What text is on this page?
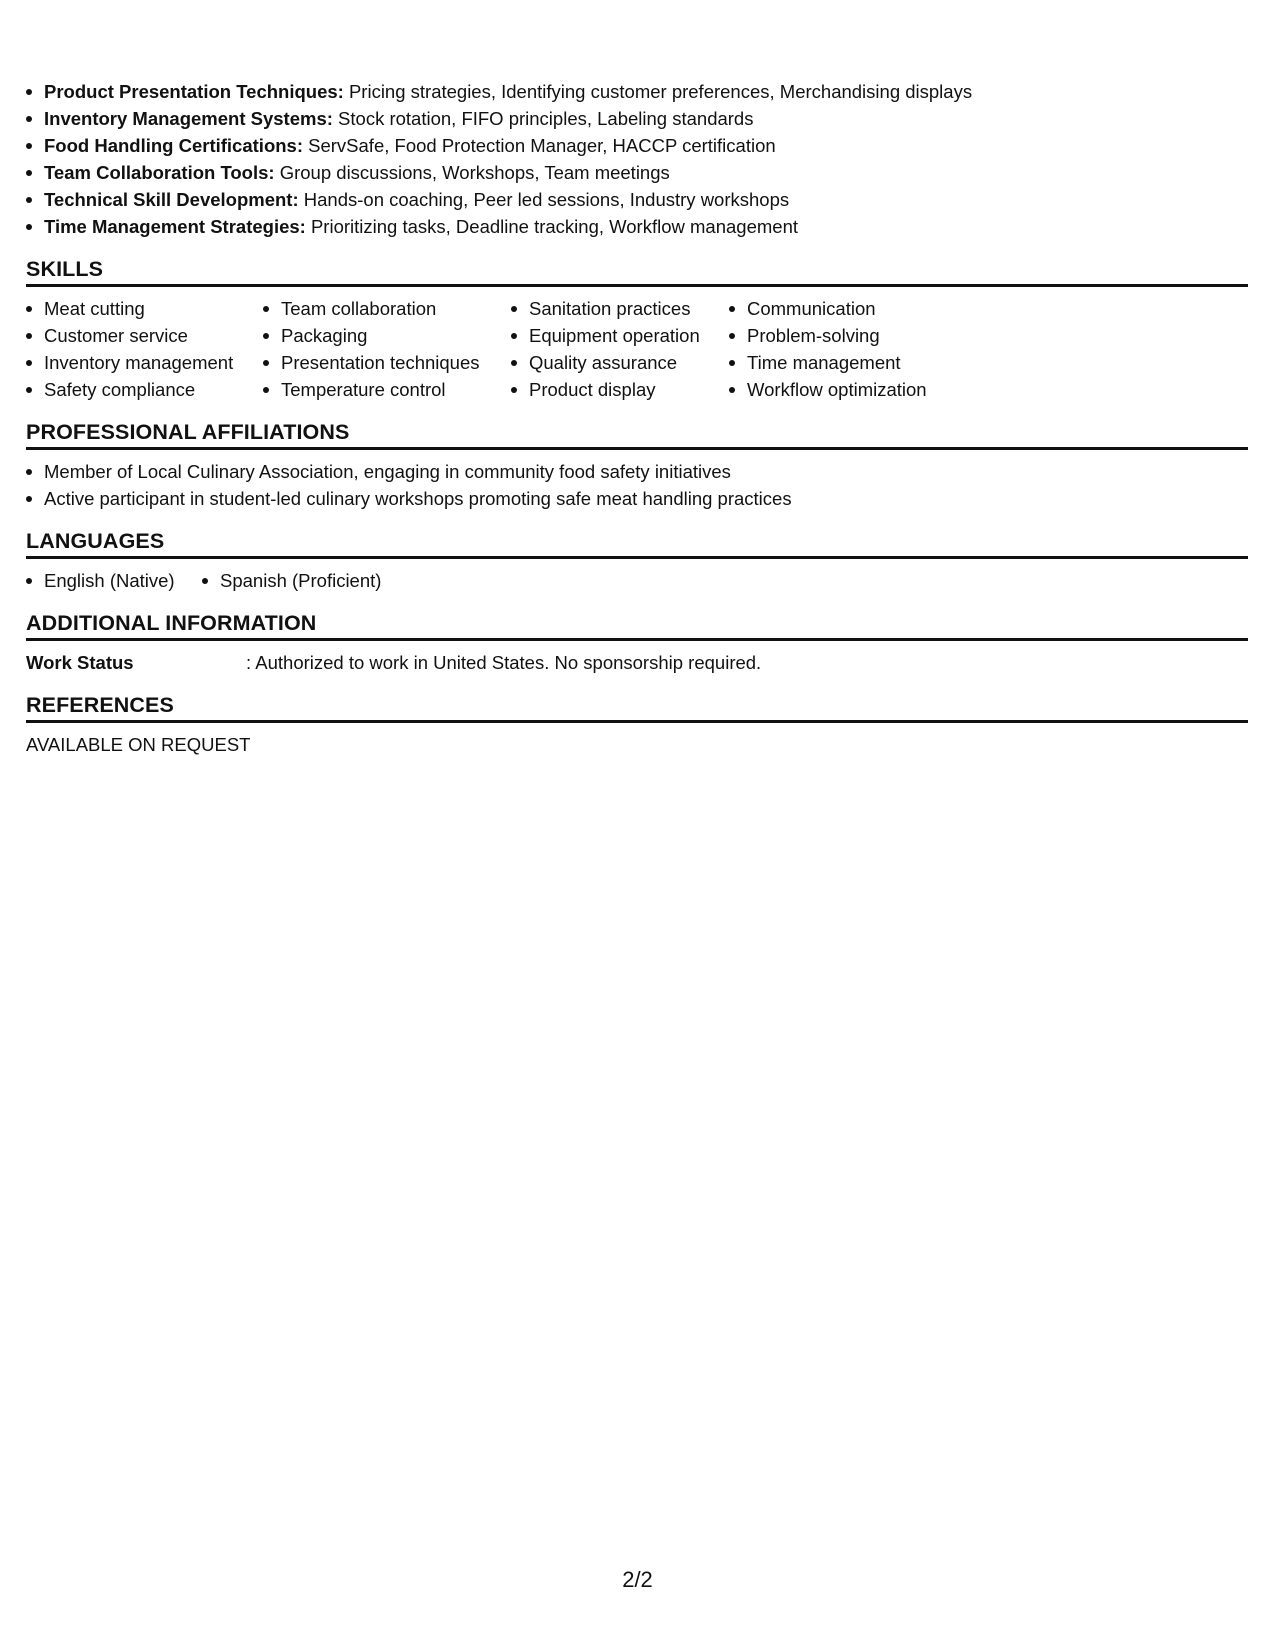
Product Presentation Techniques: Pricing strategies, Identifying customer preferences, Merchandising displays
Inventory Management Systems: Stock rotation, FIFO principles, Labeling standards
Food Handling Certifications: ServSafe, Food Protection Manager, HACCP certification
Team Collaboration Tools: Group discussions, Workshops, Team meetings
Technical Skill Development: Hands-on coaching, Peer led sessions, Industry workshops
Time Management Strategies: Prioritizing tasks, Deadline tracking, Workflow management
SKILLS
Meat cutting
Customer service
Inventory management
Safety compliance
Team collaboration
Packaging
Presentation techniques
Temperature control
Sanitation practices
Equipment operation
Quality assurance
Product display
Communication
Problem-solving
Time management
Workflow optimization
PROFESSIONAL AFFILIATIONS
Member of Local Culinary Association, engaging in community food safety initiatives
Active participant in student-led culinary workshops promoting safe meat handling practices
LANGUAGES
English (Native)	Spanish (Proficient)
ADDITIONAL INFORMATION
Work Status	: Authorized to work in United States. No sponsorship required.
REFERENCES
AVAILABLE ON REQUEST
2/2
